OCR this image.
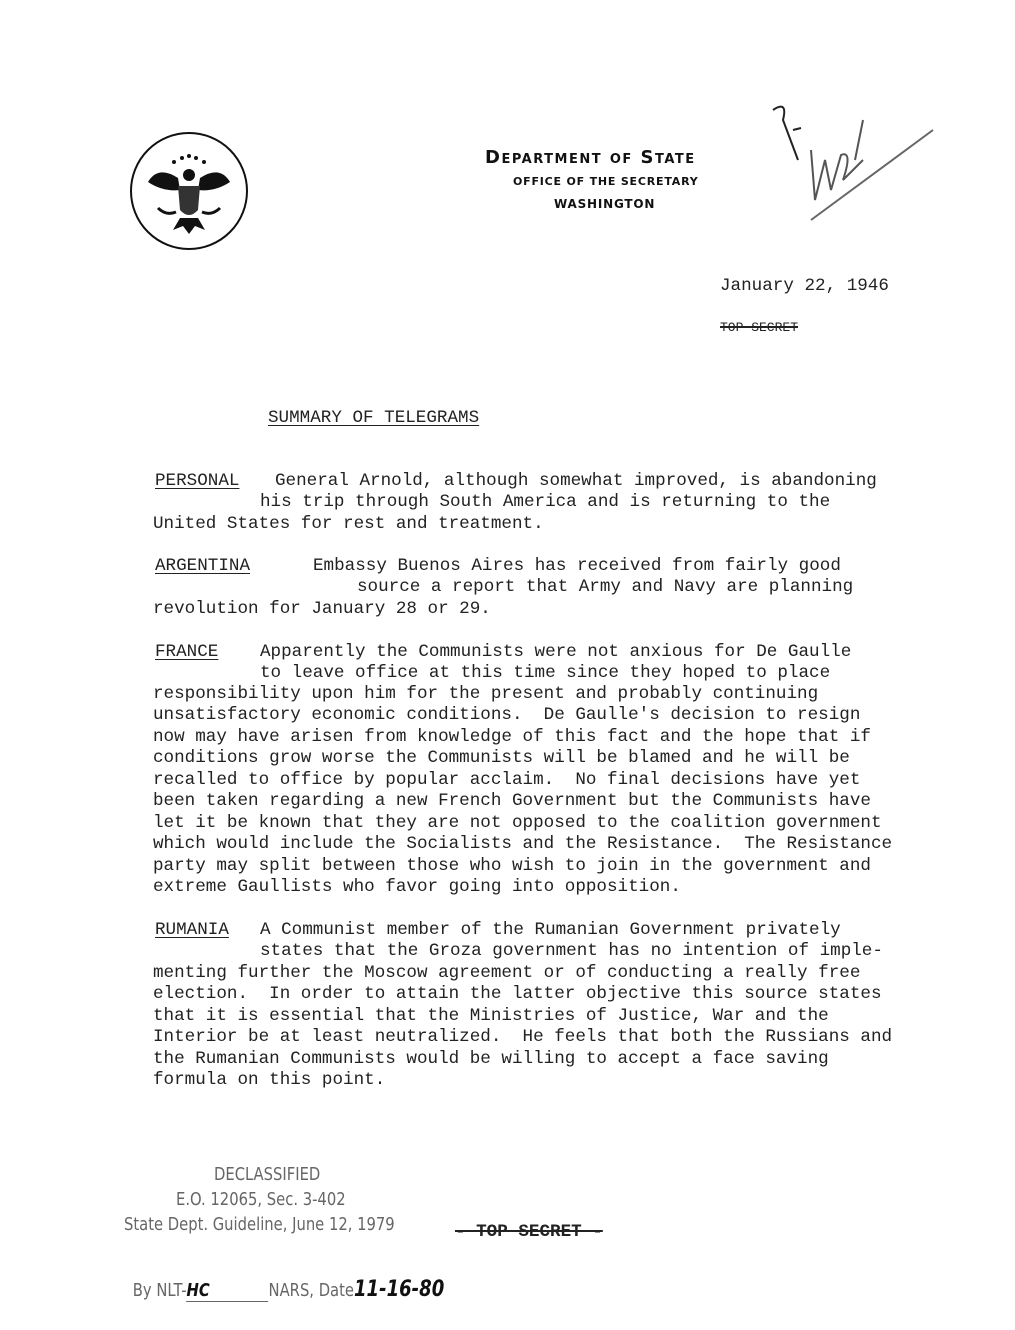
Department of State
OFFICE OF THE SECRETARY
WASHINGTON

January 22, 1946
TOP SECRET
SUMMARY OF TELEGRAMS
PERSONAL General Arnold, although somewhat improved, is abandoning
his trip through South America and is returning to the
United States for rest and treatment.
ARGENTINA	Embassy Buenos Aires has received from fairly good
source a report that Army and Navy are planning
revolution for January 28 or 29.
FRANCE Apparently the Communists were not anxious for De Gaulle
to leave office at this time since they hoped to place
responsibility upon him for the present and probably continuing
unsatisfactory economic conditions.  De Gaulle's decision to resign
now may have arisen from knowledge of this fact and the hope that if
conditions grow worse the Communists will be blamed and he will be
recalled to office by popular acclaim.  No final decisions have yet
been taken regarding a new French Government but the Communists have
let it be known that they are not opposed to the coalition government
which would include the Socialists and the Resistance.  The Resistance
party may split between those who wish to join in the government and
extreme Gaullists who favor going into opposition.
RUMANIA A Communist member of the Rumanian Government privately
states that the Groza government has no intention of imple-
menting further the Moscow agreement or of conducting a really free
election.  In order to attain the latter objective this source states
that it is essential that the Ministries of Justice, War and the
Interior be at least neutralized.  He feels that both the Russians and
the Rumanian Communists would be willing to accept a face saving
formula on this point.
DECLASSIFIED
E.O. 12065, Sec. 3-402
State Dept. Guideline, June 12, 1979

By NLT-HC	NARS, Date11-16-80

- TOP SECRET -
